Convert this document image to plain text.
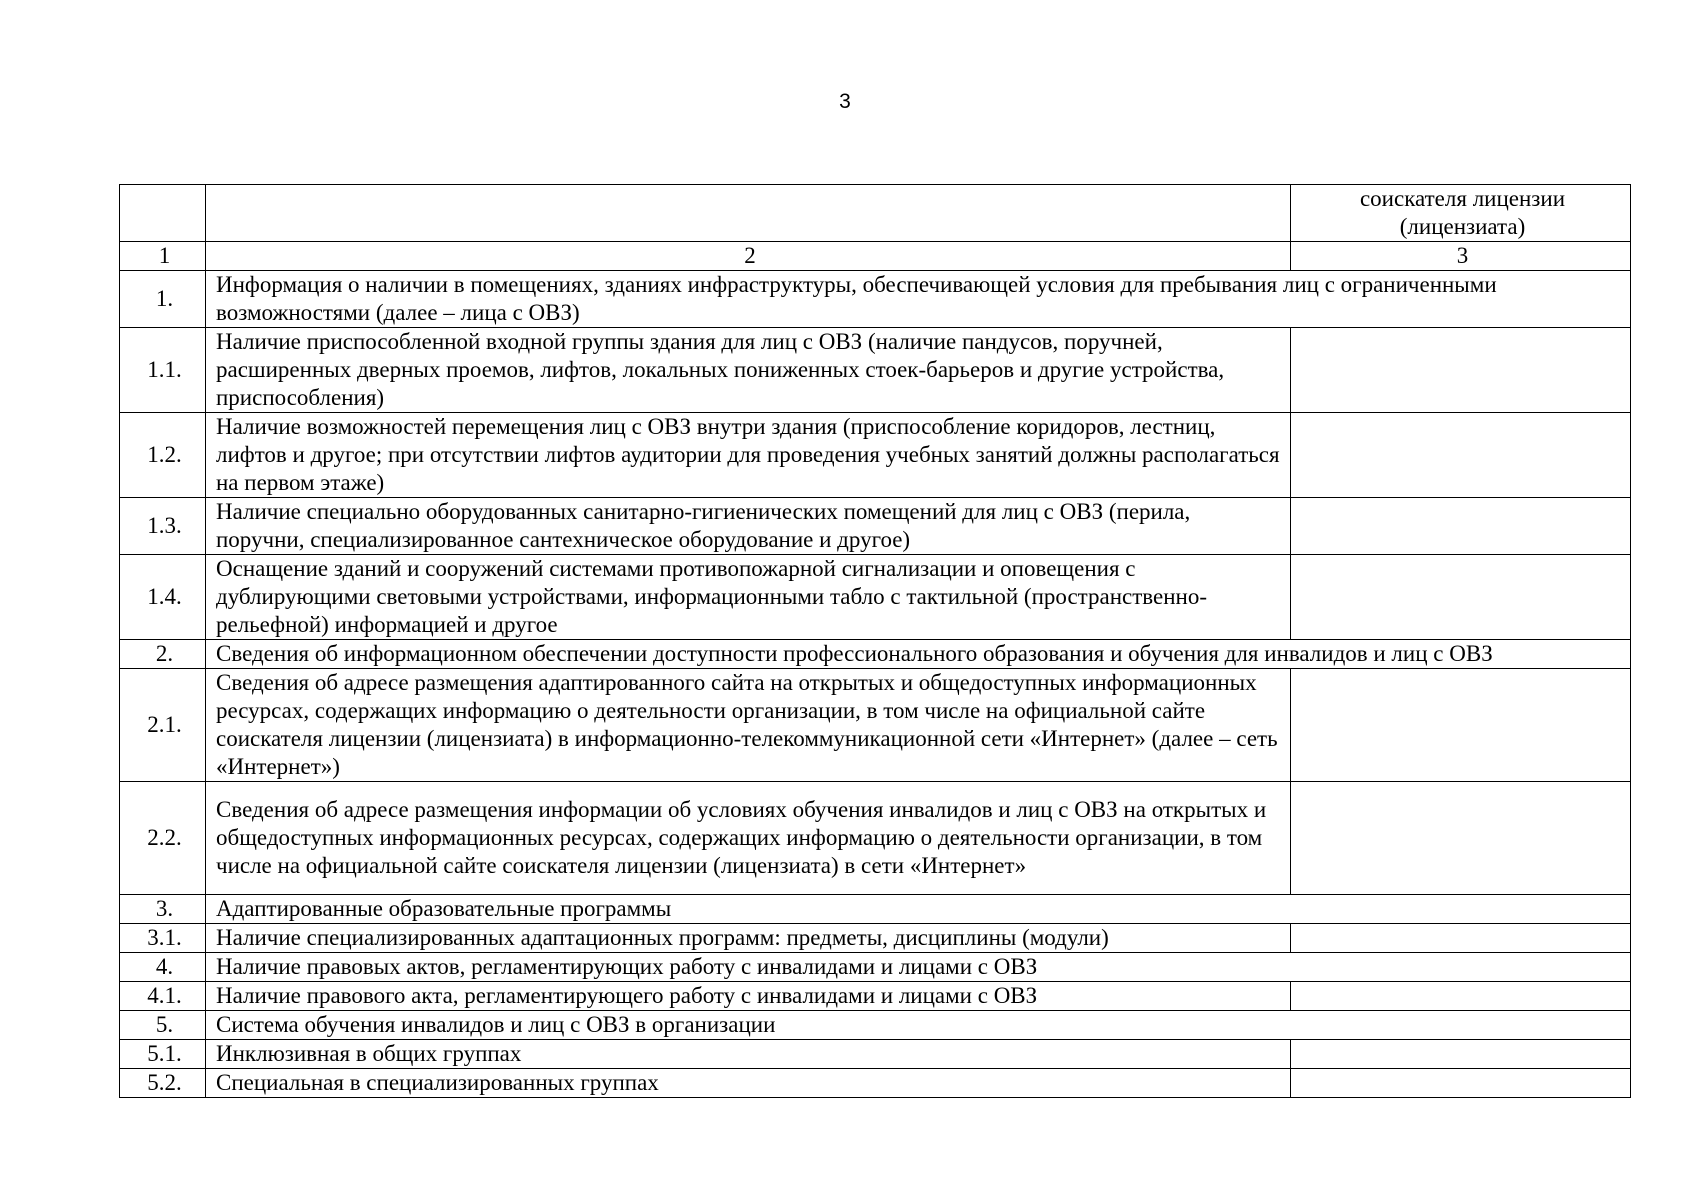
3
		соискателя лицензии (лицензиата)
1	2	3
1.	Информация о наличии в помещениях, зданиях инфраструктуры, обеспечивающей условия для пребывания лиц с ограниченными возможностями (далее – лица с ОВЗ)	
1.1.	Наличие приспособленной входной группы здания для лиц с ОВЗ (наличие пандусов, поручней, расширенных дверных проемов, лифтов, локальных пониженных стоек-барьеров и другие устройства, приспособления)	
1.2.	Наличие возможностей перемещения лиц с ОВЗ внутри здания (приспособление коридоров, лестниц, лифтов и другое; при отсутствии лифтов аудитории для проведения учебных занятий должны располагаться на первом этаже)	
1.3.	Наличие специально оборудованных санитарно-гигиенических помещений для лиц с ОВЗ (перила, поручни, специализированное сантехническое оборудование и другое)	
1.4.	Оснащение зданий и сооружений системами противопожарной сигнализации и оповещения с дублирующими световыми устройствами, информационными табло с тактильной (пространственно-рельефной) информацией и другое	
2.	Сведения об информационном обеспечении доступности профессионального образования и обучения для инвалидов и лиц с ОВЗ	
2.1.	Сведения об адресе размещения адаптированного сайта на открытых и общедоступных информационных ресурсах, содержащих информацию о деятельности организации, в том числе на официальной сайте соискателя лицензии (лицензиата) в информационно-телекоммуникационной сети «Интернет» (далее – сеть «Интернет»)	
2.2.	Сведения об адресе размещения информации об условиях обучения инвалидов и лиц с ОВЗ на открытых и общедоступных информационных ресурсах, содержащих информацию о деятельности организации, в том числе на официальной сайте соискателя лицензии (лицензиата) в сети «Интернет»	
3.	Адаптированные образовательные программы	
3.1.	Наличие специализированных адаптационных программ: предметы, дисциплины (модули)	
4.	Наличие правовых актов, регламентирующих работу с инвалидами и лицами с ОВЗ	
4.1.	Наличие правового акта, регламентирующего работу с инвалидами и лицами с ОВЗ	
5.	Система обучения инвалидов и лиц с ОВЗ в организации	
5.1.	Инклюзивная в общих группах	
5.2.	Специальная в специализированных группах	
